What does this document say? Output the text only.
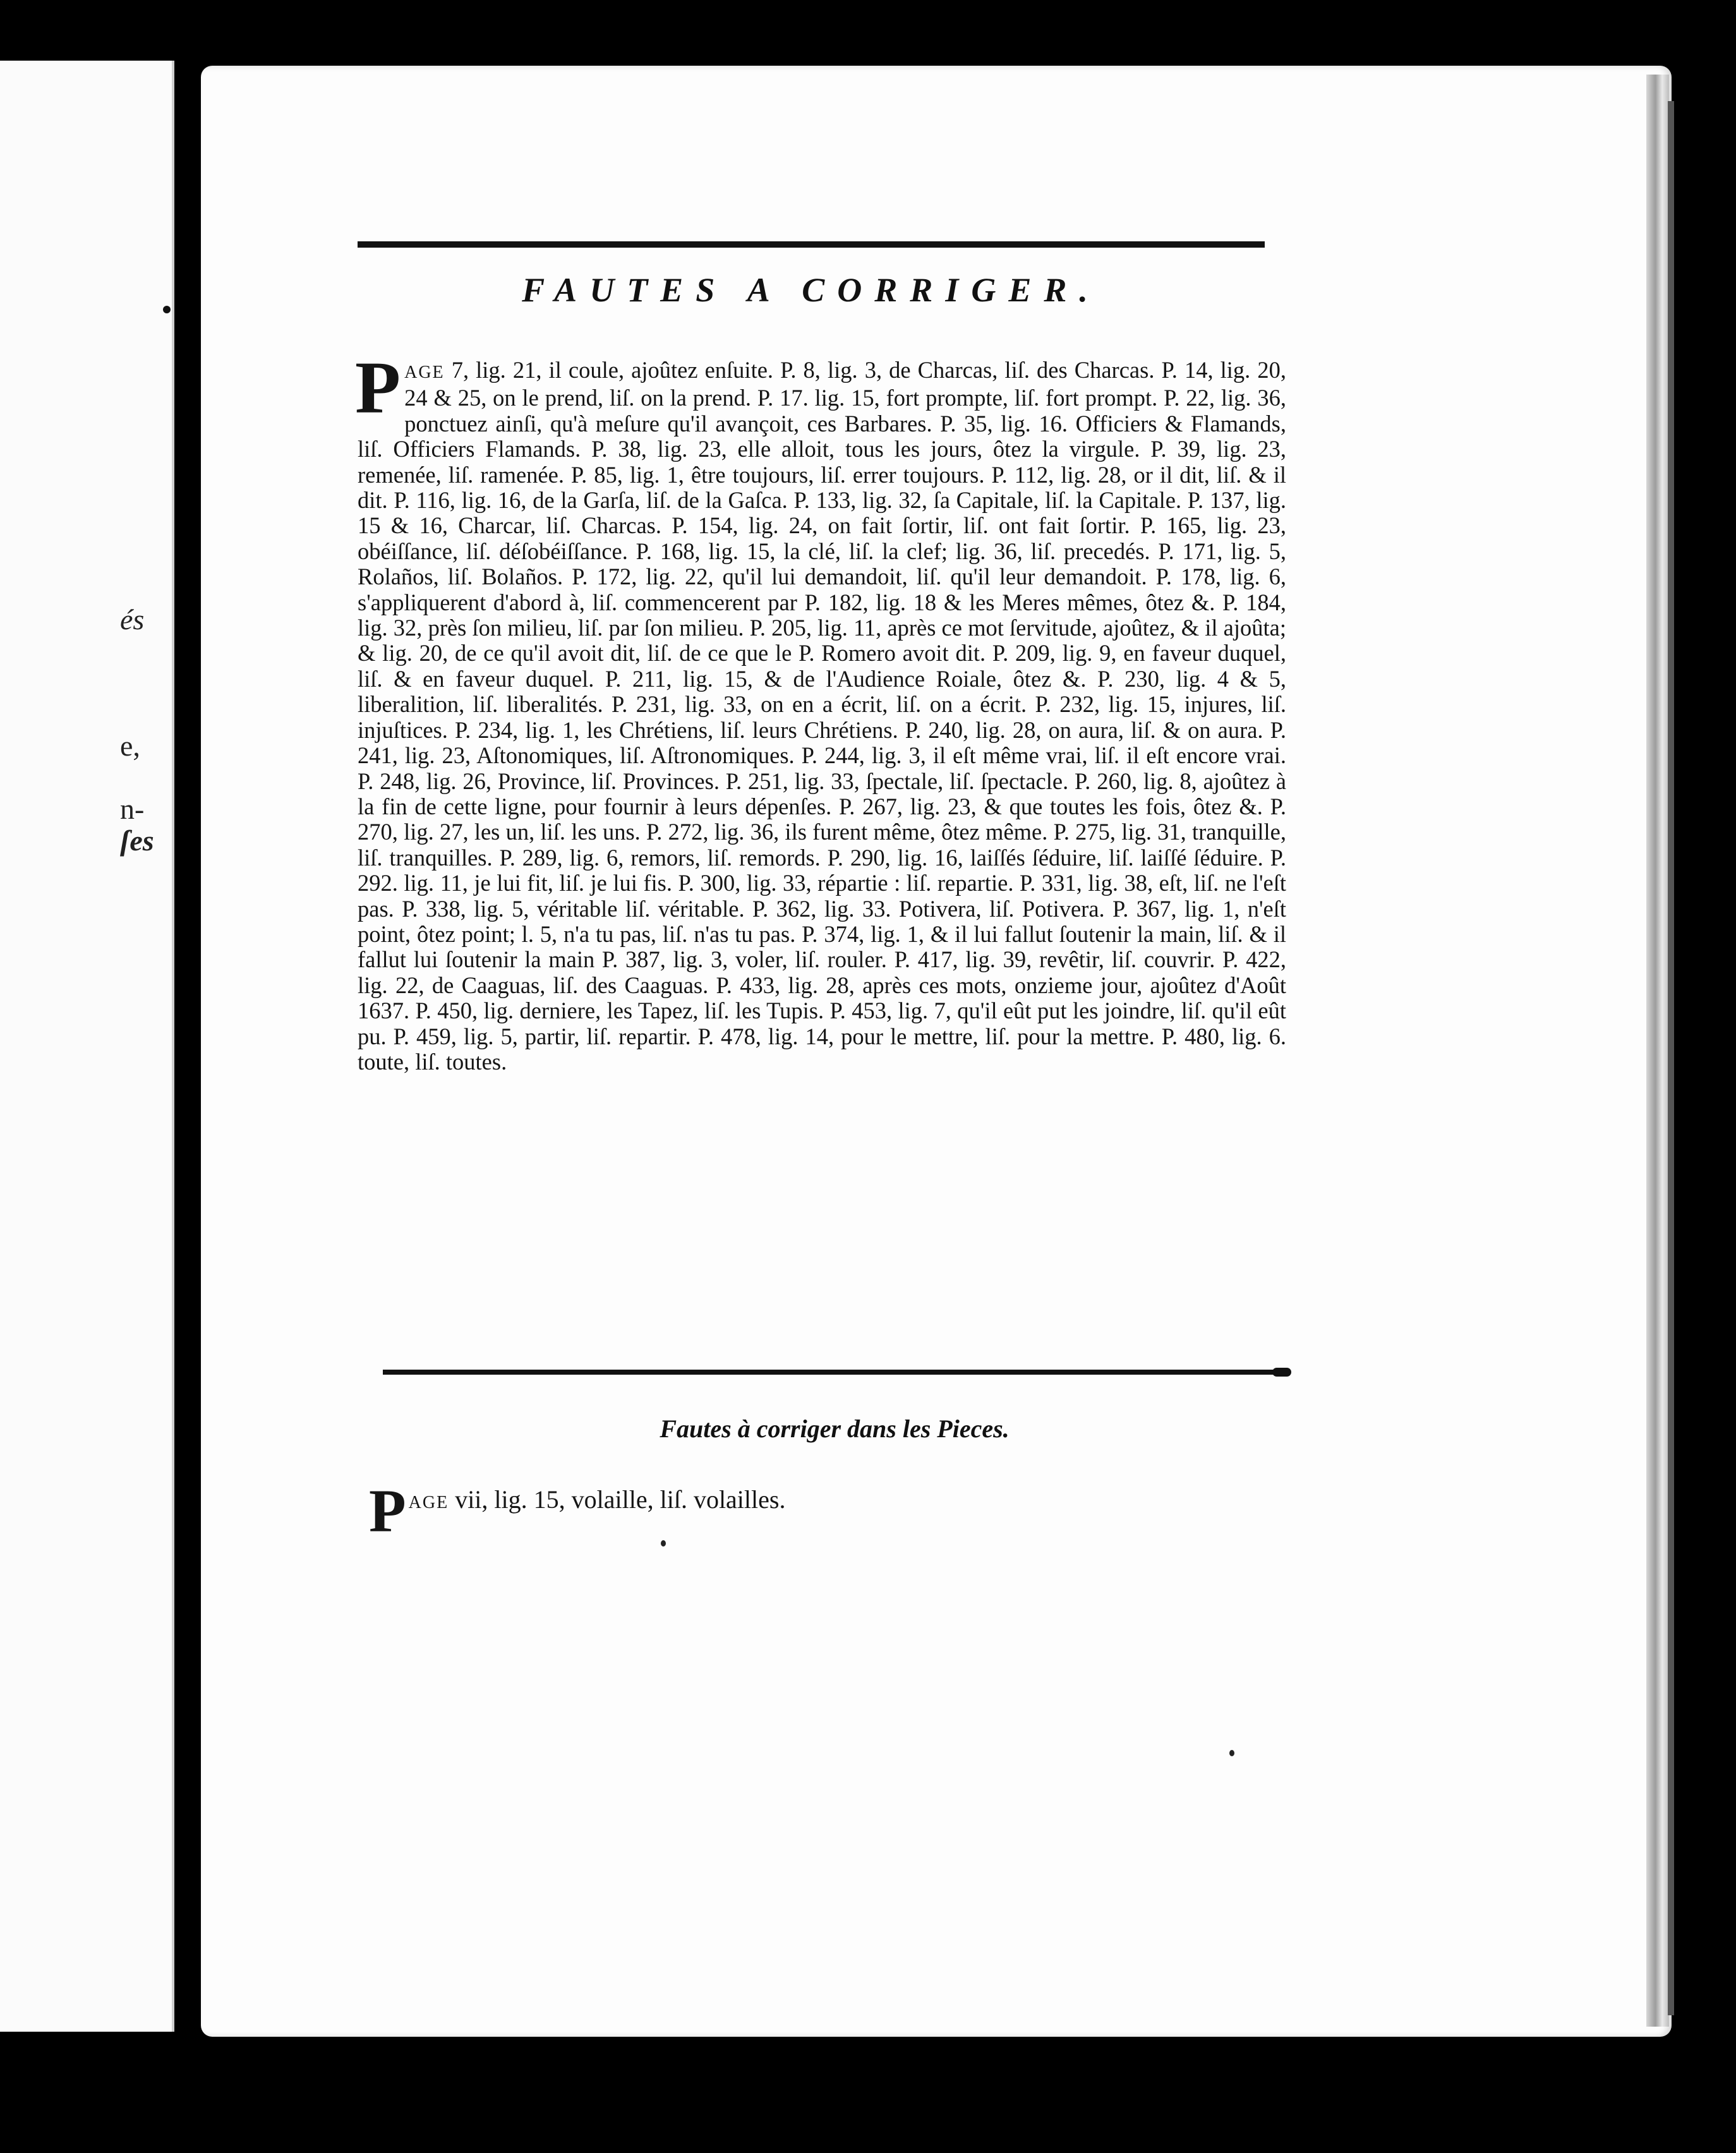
és
e,
n-
ſes
FAUTES A CORRIGER.
PAGE 7, lig. 21, il coule, ajoûtez enſuite. P. 8, lig. 3, de Charcas, liſ. des Charcas. P. 14, lig. 20, 24 & 25, on le prend, liſ. on la prend. P. 17. lig. 15, fort prompte, liſ. fort prompt. P. 22, lig. 36, ponctuez ainſi, qu'à meſure qu'il avançoit, ces Barbares. P. 35, lig. 16. Officiers & Flamands, liſ. Officiers Flamands. P. 38, lig. 23, elle alloit, tous les jours, ôtez la virgule. P. 39, lig. 23, remenée, liſ. ramenée. P. 85, lig. 1, être toujours, liſ. errer toujours. P. 112, lig. 28, or il dit, liſ. & il dit. P. 116, lig. 16, de la Garſa, liſ. de la Gaſca. P. 133, lig. 32, ſa Capitale, liſ. la Capitale. P. 137, lig. 15 & 16, Charcar, liſ. Charcas. P. 154, lig. 24, on fait ſortir, liſ. ont fait ſortir. P. 165, lig. 23, obéiſſance, liſ. déſobéiſſance. P. 168, lig. 15, la clé, liſ. la clef; lig. 36, liſ. precedés. P. 171, lig. 5, Rolaños, liſ. Bolaños. P. 172, lig. 22, qu'il lui demandoit, liſ. qu'il leur demandoit. P. 178, lig. 6, s'appliquerent d'abord à, liſ. commencerent par P. 182, lig. 18 & les Meres mêmes, ôtez &. P. 184, lig. 32, près ſon milieu, liſ. par ſon milieu. P. 205, lig. 11, après ce mot ſervitude, ajoûtez, & il ajoûta; & lig. 20, de ce qu'il avoit dit, liſ. de ce que le P. Romero avoit dit. P. 209, lig. 9, en faveur duquel, liſ. & en faveur duquel. P. 211, lig. 15, & de l'Audience Roiale, ôtez &. P. 230, lig. 4 & 5, liberalition, liſ. liberalités. P. 231, lig. 33, on en a écrit, liſ. on a écrit. P. 232, lig. 15, injures, liſ. injuſtices. P. 234, lig. 1, les Chrétiens, liſ. leurs Chrétiens. P. 240, lig. 28, on aura, liſ. & on aura. P. 241, lig. 23, Aſtonomiques, liſ. Aſtronomiques. P. 244, lig. 3, il eſt même vrai, liſ. il eſt encore vrai. P. 248, lig. 26, Province, liſ. Provinces. P. 251, lig. 33, ſpectale, liſ. ſpectacle. P. 260, lig. 8, ajoûtez à la fin de cette ligne, pour fournir à leurs dépenſes. P. 267, lig. 23, & que toutes les fois, ôtez &. P. 270, lig. 27, les un, liſ. les uns. P. 272, lig. 36, ils furent même, ôtez même. P. 275, lig. 31, tranquille, liſ. tranquilles. P. 289, lig. 6, remors, liſ. remords. P. 290, lig. 16, laiſſés ſéduire, liſ. laiſſé ſéduire. P. 292. lig. 11, je lui fit, liſ. je lui fis. P. 300, lig. 33, répartie : liſ. repartie. P. 331, lig. 38, eſt, liſ. ne l'eſt pas. P. 338, lig. 5, véritable liſ. véritable. P. 362, lig. 33. Potivera, liſ. Potivera. P. 367, lig. 1, n'eſt point, ôtez point; l. 5, n'a tu pas, liſ. n'as tu pas. P. 374, lig. 1, & il lui fallut ſoutenir la main, liſ. & il fallut lui ſoutenir la main P. 387, lig. 3, voler, liſ. rouler. P. 417, lig. 39, revêtir, liſ. couvrir. P. 422, lig. 22, de Caaguas, liſ. des Caaguas. P. 433, lig. 28, après ces mots, onzieme jour, ajoûtez d'Août 1637. P. 450, lig. derniere, les Tapez, liſ. les Tupis. P. 453, lig. 7, qu'il eût put les joindre, liſ. qu'il eût pu. P. 459, lig. 5, partir, liſ. repartir. P. 478, lig. 14, pour le mettre, liſ. pour la mettre. P. 480, lig. 6. toute, liſ. toutes.
Fautes à corriger dans les Pieces.
PAGE vii, lig. 15, volaille, liſ. volailles.
